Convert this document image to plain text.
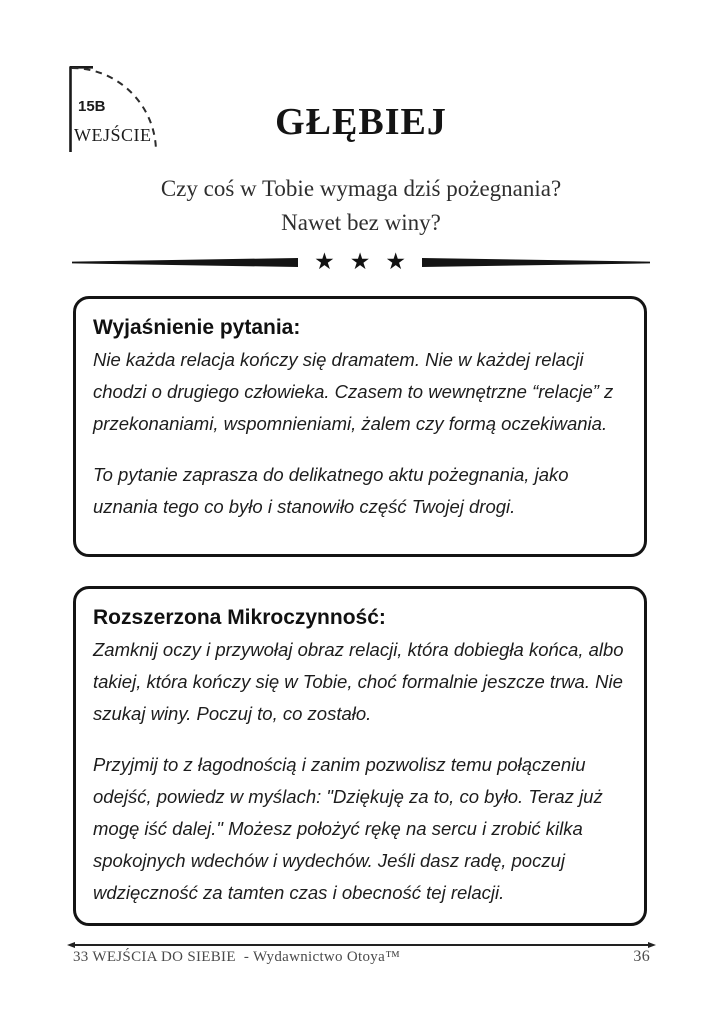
15B
WEJŚCIE	GŁĘBIEJ
Czy coś w Tobie wymaga dziś pożegnania?
Nawet bez winy?
★ ★ ★
Wyjaśnienie pytania:

Nie każda relacja kończy się dramatem. Nie w każdej relacji chodzi o drugiego człowieka. Czasem to wewnętrzne “relacje” z przekonaniami, wspomnieniami, żalem czy formą oczekiwania.

To pytanie zaprasza do delikatnego aktu pożegnania, jako uznania tego co było i stanowiło część Twojej drogi.

Rozszerzona Mikroczynność:

Zamknij oczy i przywołaj obraz relacji, która dobiegła końca, albo takiej, która kończy się w Tobie, choć formalnie jeszcze trwa. Nie szukaj winy. Poczuj to, co zostało.

Przyjmij to z łagodnością i zanim pozwolisz temu połączeniu odejść, powiedz w myślach: "Dziękuję za to, co było. Teraz już mogę iść dalej." Możesz położyć rękę na sercu i zrobić kilka spokojnych wdechów i wydechów. Jeśli dasz radę, poczuj wdzięczność za tamten czas i obecność tej relacji.

33 WEJŚCIA DO SIEBIE  - Wydawnictwo Otoya™	36
